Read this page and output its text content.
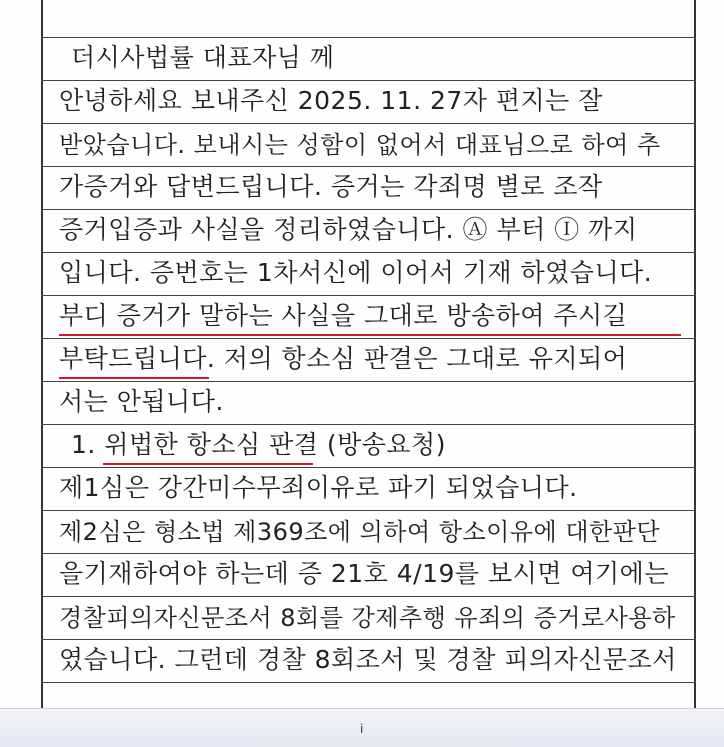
더시사법률 대표자님 께
안녕하세요 보내주신 2025. 11. 27자 편지는 잘
받았습니다. 보내시는 성함이 없어서 대표님으로 하여 추
가증거와 답변드립니다. 증거는 각죄명 별로 조작
증거입증과 사실을 정리하였습니다. Ⓐ 부터 Ⓘ 까지
입니다. 증번호는 1차서신에 이어서 기재 하였습니다.
부디 증거가 말하는 사실을 그대로 방송하여 주시길
부탁드립니다. 저의 항소심 판결은 그대로 유지되어
서는 안됩니다.
1. 위법한 항소심 판결 (방송요청)
제1심은 강간미수무죄이유로 파기 되었습니다.
제2심은 형소법 제369조에 의하여 항소이유에 대한판단
을기재하여야 하는데 증 21호 4/19를 보시면 여기에는
경찰피의자신문조서 8회를 강제추행 유죄의 증거로사용하
였습니다. 그런데 경찰 8회조서 및 경찰 피의자신문조서
i
